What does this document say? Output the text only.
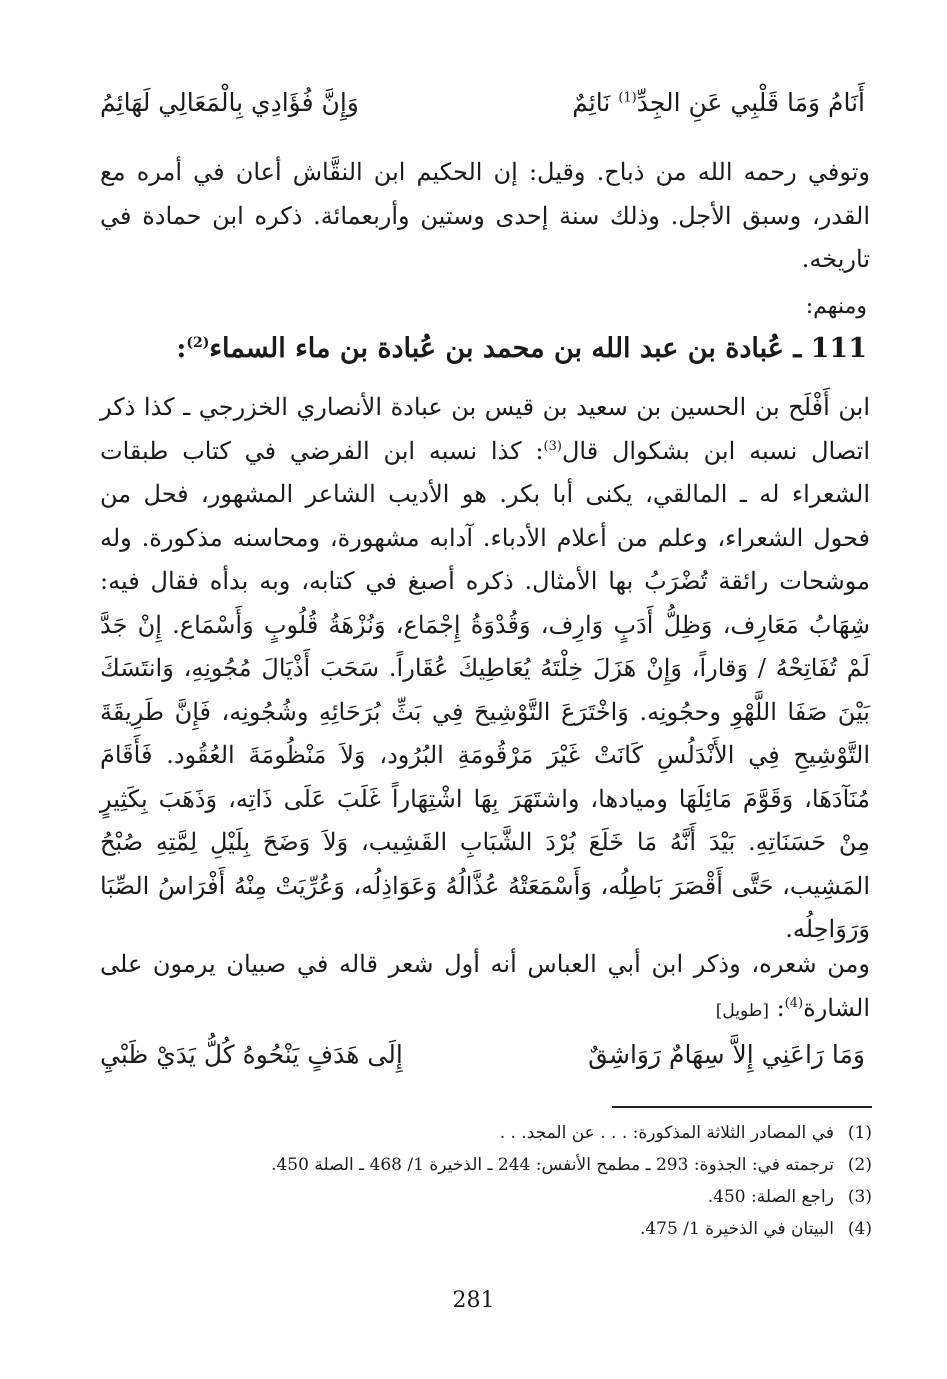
أَنَامُ وَمَا قَلْبِي عَنِ الجِدِّ$^{(1)}$ نَائِمٌ
وَإِنَّ فُؤَادِي بِالْمَعَالِي لَهَائِمُ

وتوفي رحمه الله من ذباح. وقيل: إن الحكيم ابن النقَّاش أعان في أمره مع القدر، وسبق الأجل. وذلك سنة إحدى وستين وأربعمائة. ذكره ابن حمادة في تاريخه.

ومنهم:
111 ـ عُبادة بن عبد الله بن محمد بن عُبادة بن ماء السماء$^{(2)}$:

ابن أَفْلَح بن الحسين بن سعيد بن قيس بن عبادة الأنصاري الخزرجي ـ كذا ذكر اتصال نسبه ابن بشكوال قال$^{(3)}$: كذا نسبه ابن الفرضي في كتاب طبقات الشعراء له ـ المالقي، يكنى أبا بكر. هو الأديب الشاعر المشهور، فحل من فحول الشعراء، وعلم من أعلام الأدباء. آدابه مشهورة، ومحاسنه مذكورة. وله موشحات رائقة تُضْرَبُ بها الأمثال. ذكره أصبغ في كتابه، وبه بدأه فقال فيه: شِهَابُ مَعَارِف، وَظِلُّ أَدَبٍ وَارِف، وَقُدْوَةُ إِجْمَاع، وَنُزْهَةُ قُلُوبٍ وَأَسْمَاع. إِنْ جَدَّ لَمْ تُفَاتِحْهُ / وَقاراً، وَإِنْ هَزَلَ خِلْتَهُ يُعَاطِيكَ عُقَاراً. سَحَبَ أَذْيَالَ مُجُونِهِ، وَانتَسَكَ بَيْنَ صَفَا اللَّهْوِ وحجُونِه. وَاخْتَرَعَ التَّوْشِيحَ فِي بَثِّ بُرَحَائِهِ وشُجُونِه، فَإِنَّ طَرِيقَةَ التَّوْشِيحِ فِي الأَنْدَلُسِ كَانَتْ غَيْرَ مَرْقُومَةِ البُرُود، وَلاَ مَنْظُومَةَ العُقُود. فَأَقَامَ مُنَآدَهَا، وَقَوَّمَ مَائِلَهَا وميادها، واشتَهَرَ بِهَا اشْتِهَاراً غَلَبَ عَلَى ذَاتِه، وَذَهَبَ بِكَثِيرٍ مِنْ حَسَنَاتِهِ. بَيْدَ أَنَّهُ مَا خَلَعَ بُرْدَ الشَّبَابِ القَشِيب، وَلاَ وَضَحَ بِلَيْلِ لِمَّتِهِ صُبْحُ المَشِيب، حَتَّى أَقْصَرَ بَاطِلُه، وَأَسْمَعَتْهُ عُذَّالُهُ وَعَوَاذِلُه، وَعُرِّيَتْ مِنْهُ أَفْرَاسُ الصِّبَا وَرَوَاحِلُه.

ومن شعره، وذكر ابن أبي العباس أنه أول شعر قاله في صبيان يرمون على الشارة$^{(4)}$: [طويل]

وَمَا رَاعَنِي إِلاَّ سِهَامٌ رَوَاشِقٌ
إِلَى هَدَفٍ يَنْحُوهُ كُلُّ يَدَيْ ظَبْيِ
(1)في المصادر الثلاثة المذكورة: . . . عن المجد. . .
(2)ترجمته في: الجذوة: 293 ـ مطمح الأنفس: 244 ـ الذخيرة 1/ 468 ـ الصلة 450.
(3)راجع الصلة: 450.
(4)البيتان في الذخيرة 1/ 475.
281
